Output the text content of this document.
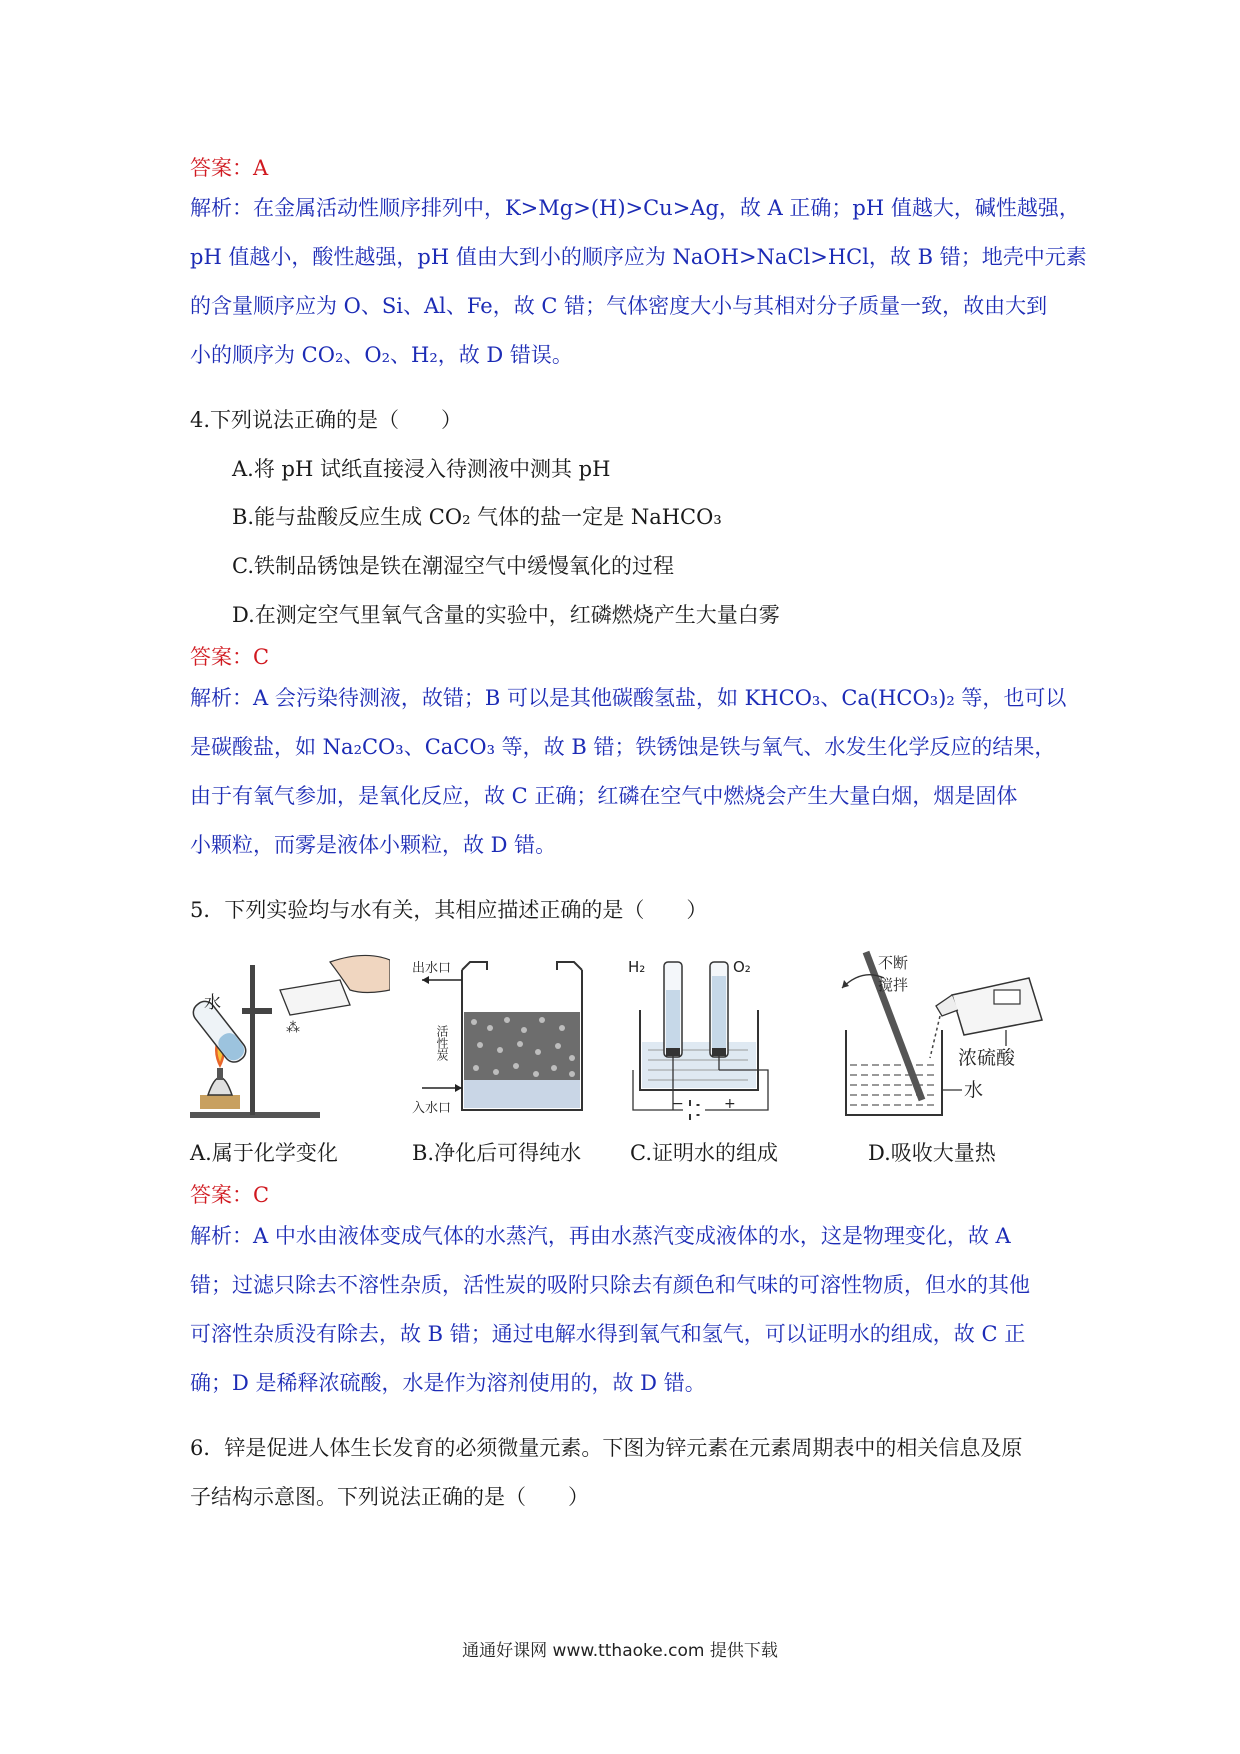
答案：A
解析：在金属活动性顺序排列中，K>Mg>(H)>Cu>Ag，故 A 正确；pH 值越大，碱性越强，
pH 值越小，酸性越强，pH 值由大到小的顺序应为 NaOH>NaCl>HCl，故 B 错；地壳中元素
的含量顺序应为 O、Si、Al、Fe，故 C 错；气体密度大小与其相对分子质量一致，故由大到
小的顺序为 CO₂、O₂、H₂，故 D 错误。
4.下列说法正确的是（　　）
A.将 pH 试纸直接浸入待测液中测其 pH
B.能与盐酸反应生成 CO₂ 气体的盐一定是 NaHCO₃
C.铁制品锈蚀是铁在潮湿空气中缓慢氧化的过程
D.在测定空气里氧气含量的实验中，红磷燃烧产生大量白雾
答案：C
解析：A 会污染待测液，故错；B 可以是其他碳酸氢盐，如 KHCO₃、Ca(HCO₃)₂ 等，也可以
是碳酸盐，如 Na₂CO₃、CaCO₃ 等，故 B 错；铁锈蚀是铁与氧气、水发生化学反应的结果，
由于有氧气参加，是氧化反应，故 C 正确；红磷在空气中燃烧会产生大量白烟，烟是固体
小颗粒，而雾是液体小颗粒，故 D 错。
5．下列实验均与水有关，其相应描述正确的是（　　）
⁂
水
出水口
入水口
活性炭
H₂	O₂
−	+
不断
搅拌
浓硫酸
水
A.属于化学变化	B.净化后可得纯水 C.证明水的组成	D.吸收大量热
答案：C
解析：A 中水由液体变成气体的水蒸汽，再由水蒸汽变成液体的水，这是物理变化，故 A
错；过滤只除去不溶性杂质，活性炭的吸附只除去有颜色和气味的可溶性物质，但水的其他
可溶性杂质没有除去，故 B 错；通过电解水得到氧气和氢气，可以证明水的组成，故 C 正
确；D 是稀释浓硫酸，水是作为溶剂使用的，故 D 错。
6．锌是促进人体生长发育的必须微量元素。下图为锌元素在元素周期表中的相关信息及原
子结构示意图。下列说法正确的是（　　）
通通好课网 www.tthaoke.com 提供下载
